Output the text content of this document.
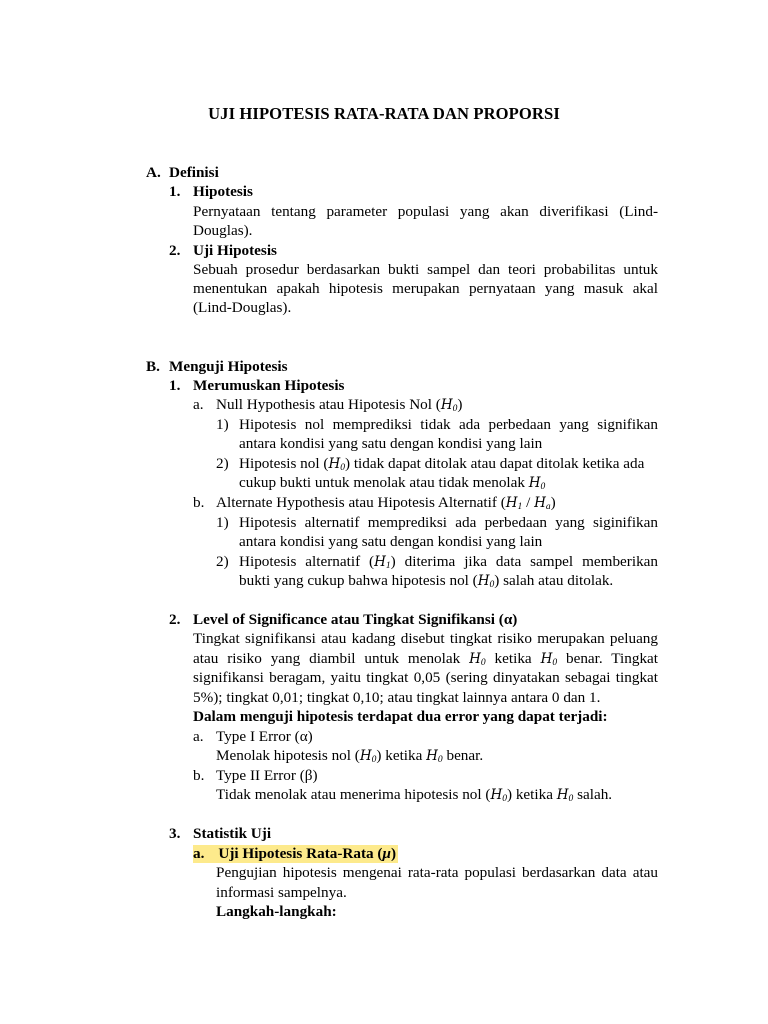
UJI HIPOTESIS RATA-RATA DAN PROPORSI
A. Definisi
1. Hipotesis
Pernyataan tentang parameter populasi yang akan diverifikasi (Lind-
Douglas).
2. Uji Hipotesis
Sebuah prosedur berdasarkan bukti sampel dan teori probabilitas untuk
menentukan apakah hipotesis merupakan pernyataan yang masuk akal
(Lind-Douglas).
B. Menguji Hipotesis
1. Merumuskan Hipotesis
a. Null Hypothesis atau Hipotesis Nol $(H_0)$
1) Hipotesis nol memprediksi tidak ada perbedaan yang signifikan
antara kondisi yang satu dengan kondisi yang lain
2) Hipotesis nol $(H_0)$ tidak dapat ditolak atau dapat ditolak ketika ada
cukup bukti untuk menolak atau tidak menolak $H_0$
b. Alternate Hypothesis atau Hipotesis Alternatif $(H_1 / H_a)$
1) Hipotesis alternatif memprediksi ada perbedaan yang siginifikan
antara kondisi yang satu dengan kondisi yang lain
2) Hipotesis alternatif $(H_1)$ diterima jika data sampel memberikan
bukti yang cukup bahwa hipotesis nol $(H_0)$ salah atau ditolak.
2. Level of Significance atau Tingkat Signifikansi (α)
Tingkat signifikansi atau kadang disebut tingkat risiko merupakan peluang
atau risiko yang diambil untuk menolak $H_0$ ketika $H_0$ benar. Tingkat
signifikansi beragam, yaitu tingkat 0,05 (sering dinyatakan sebagai tingkat
5%); tingkat 0,01; tingkat 0,10; atau tingkat lainnya antara 0 dan 1.
Dalam menguji hipotesis terdapat dua error yang dapat terjadi:
a. Type I Error (α)
Menolak hipotesis nol $(H_0)$ ketika $H_0$ benar.
b. Type II Error (β)
Tidak menolak atau menerima hipotesis nol $(H_0)$ ketika $H_0$ salah.
3. Statistik Uji
a. Uji Hipotesis Rata-Rata (μ)
Pengujian hipotesis mengenai rata-rata populasi berdasarkan data atau
informasi sampelnya.
Langkah-langkah:
